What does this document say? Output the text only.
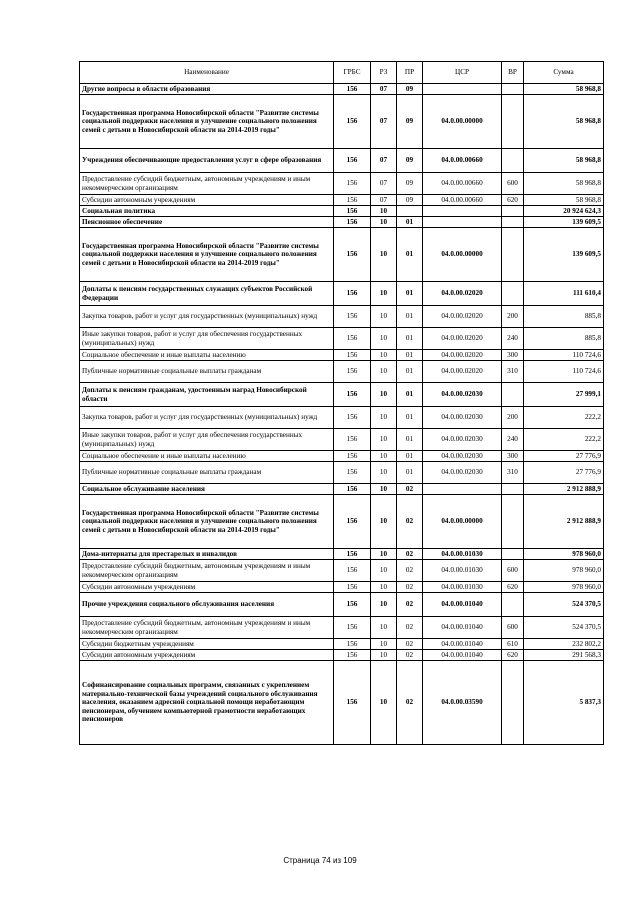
Наименование	ГРБС	РЗ	ПР	ЦСР	ВР	Сумма
Другие вопросы в области образования	156	07	09			58 968,8
Государственная программа Новосибирской области "Развитие системы социальной поддержки населения и улучшение социального положения семей с детьми в Новосибирской области на 2014-2019 годы"	156	07	09	04.0.00.00000		58 968,8
Учреждения обеспечивающие предоставления услуг в сфере образования	156	07	09	04.0.00.00660		58 968,8
Предоставление субсидий бюджетным, автономным учреждениям и иным некоммерческим организациям	156	07	09	04.0.00.00660	600	58 968,8
Субсидии автономным учреждениям	156	07	09	04.0.00.00660	620	58 968,8
Социальная политика	156	10				20 924 624,3
Пенсионное обеспечение	156	10	01			139 609,5
Государственная программа Новосибирской области "Развитие системы социальной поддержки населения и улучшение социального положения семей с детьми в Новосибирской области на 2014-2019 годы"	156	10	01	04.0.00.00000		139 609,5
Доплаты к пенсиям государственных служащих субъектов Российской Федерации	156	10	01	04.0.00.02020		111 610,4
Закупка товаров, работ и услуг для государственных (муниципальных) нужд	156	10	01	04.0.00.02020	200	885,8
Иные закупки товаров, работ и услуг для обеспечения государственных (муниципальных) нужд	156	10	01	04.0.00.02020	240	885,8
Социальное обеспечение и иные выплаты населению	156	10	01	04.0.00.02020	300	110 724,6
Публичные нормативные социальные выплаты гражданам	156	10	01	04.0.00.02020	310	110 724,6
Доплаты к пенсиям гражданам, удостоенным наград Новосибирской области	156	10	01	04.0.00.02030		27 999,1
Закупка товаров, работ и услуг для государственных (муниципальных) нужд	156	10	01	04.0.00.02030	200	222,2
Иные закупки товаров, работ и услуг для обеспечения государственных (муниципальных) нужд	156	10	01	04.0.00.02030	240	222,2
Социальное обеспечение и иные выплаты населению	156	10	01	04.0.00.02030	300	27 776,9
Публичные нормативные социальные выплаты гражданам	156	10	01	04.0.00.02030	310	27 776,9
Социальное обслуживание населения	156	10	02			2 912 888,9
Государственная программа Новосибирской области "Развитие системы социальной поддержки населения и улучшение социального положения семей с детьми в Новосибирской области на 2014-2019 годы"	156	10	02	04.0.00.00000		2 912 888,9
Дома-интернаты для престарелых и инвалидов	156	10	02	04.0.00.01030		978 960,0
Предоставление субсидий бюджетным, автономным учреждениям и иным некоммерческим организациям	156	10	02	04.0.00.01030	600	978 960,0
Субсидии автономным учреждениям	156	10	02	04.0.00.01030	620	978 960,0
Прочие учреждения социального обслуживания населения	156	10	02	04.0.00.01040		524 370,5
Предоставление субсидий бюджетным, автономным учреждениям и иным некоммерческим организациям	156	10	02	04.0.00.01040	600	524 370,5
Субсидии бюджетным учреждениям	156	10	02	04.0.00.01040	610	232 802,2
Субсидии автономным учреждениям	156	10	02	04.0.00.01040	620	291 568,3
Софинансирование социальных программ, связанных с укреплением материально-технической базы учреждений социального обслуживания населения, оказанием адресной социальной помощи неработающим пенсионерам, обучением компьютерной грамотности неработающих пенсионеров	156	10	02	04.0.00.03590		5 837,3
Страница 74 из 109
